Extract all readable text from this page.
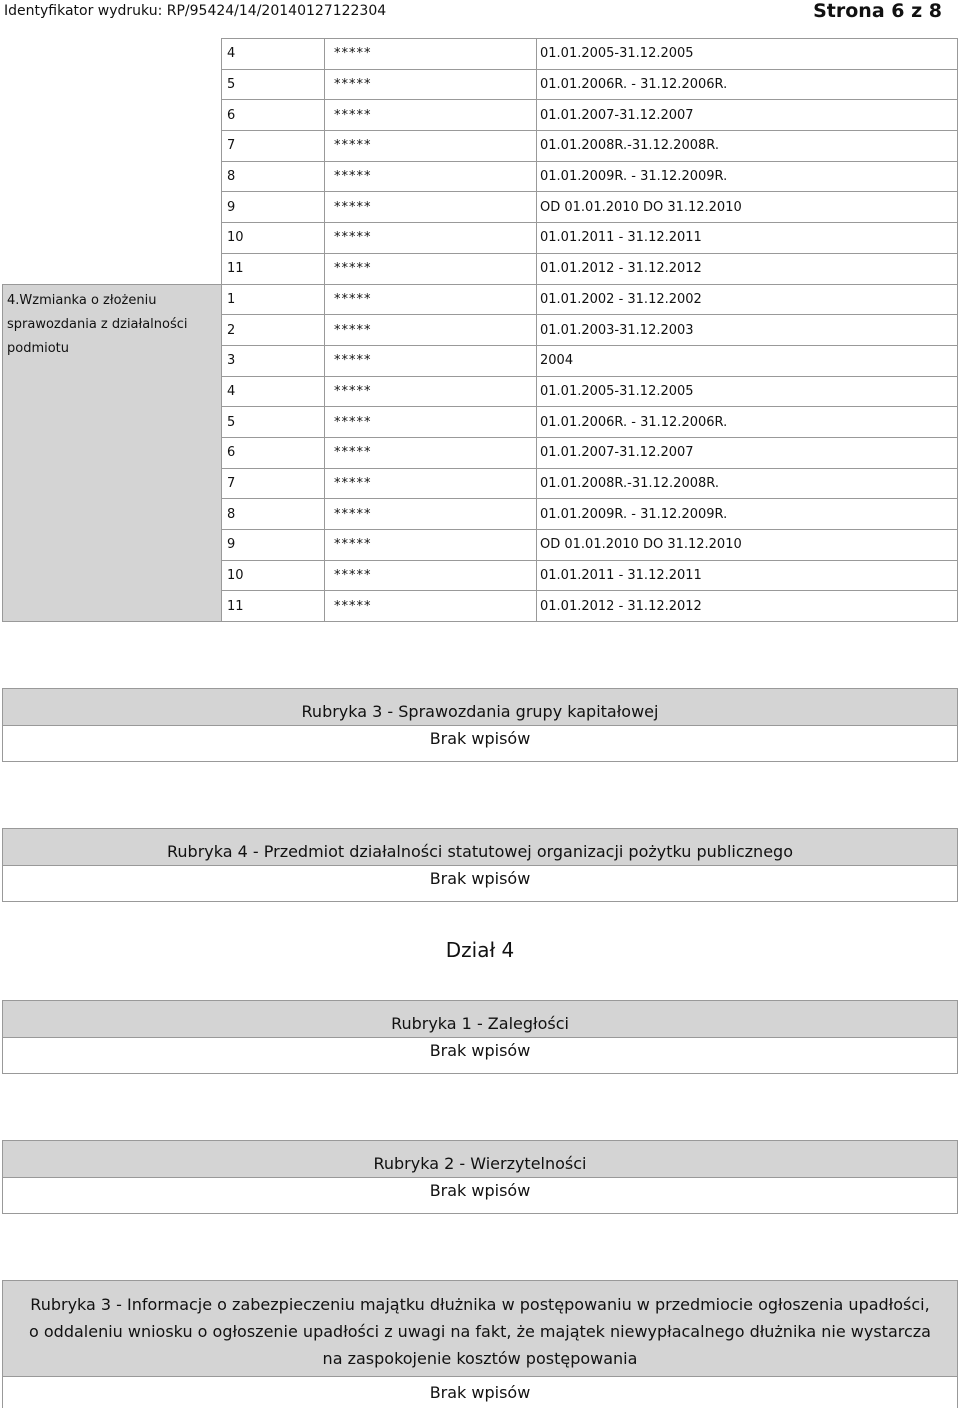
Identyfikator wydruku: RP/95424/14/20140127122304	Strona 6 z 8
	4	*****	01.01.2005-31.12.2005
	5	*****	01.01.2006R. - 31.12.2006R.
	6	*****	01.01.2007-31.12.2007
	7	*****	01.01.2008R.-31.12.2008R.
	8	*****	01.01.2009R. - 31.12.2009R.
	9	*****	OD 01.01.2010 DO 31.12.2010
	10	*****	01.01.2011 - 31.12.2011
	11	*****	01.01.2012 - 31.12.2012
4.Wzmianka o złożeniu sprawozdania z działalności podmiotu	1	*****	01.01.2002 - 31.12.2002
	2	*****	01.01.2003-31.12.2003
	3	*****	2004
	4	*****	01.01.2005-31.12.2005
	5	*****	01.01.2006R. - 31.12.2006R.
	6	*****	01.01.2007-31.12.2007
	7	*****	01.01.2008R.-31.12.2008R.
	8	*****	01.01.2009R. - 31.12.2009R.
	9	*****	OD 01.01.2010 DO 31.12.2010
	10	*****	01.01.2011 - 31.12.2011
	11	*****	01.01.2012 - 31.12.2012
Rubryka 3 - Sprawozdania grupy kapitałowej
Brak wpisów
Rubryka 4 - Przedmiot działalności statutowej organizacji pożytku publicznego
Brak wpisów
Dział 4
Rubryka 1 - Zaległości
Brak wpisów
Rubryka 2 - Wierzytelności
Brak wpisów
Rubryka 3 - Informacje o zabezpieczeniu majątku dłużnika w postępowaniu w przedmiocie ogłoszenia upadłości, o oddaleniu wniosku o ogłoszenie upadłości z uwagi na fakt, że majątek niewypłacalnego dłużnika nie wystarcza na zaspokojenie kosztów postępowania
Brak wpisów
